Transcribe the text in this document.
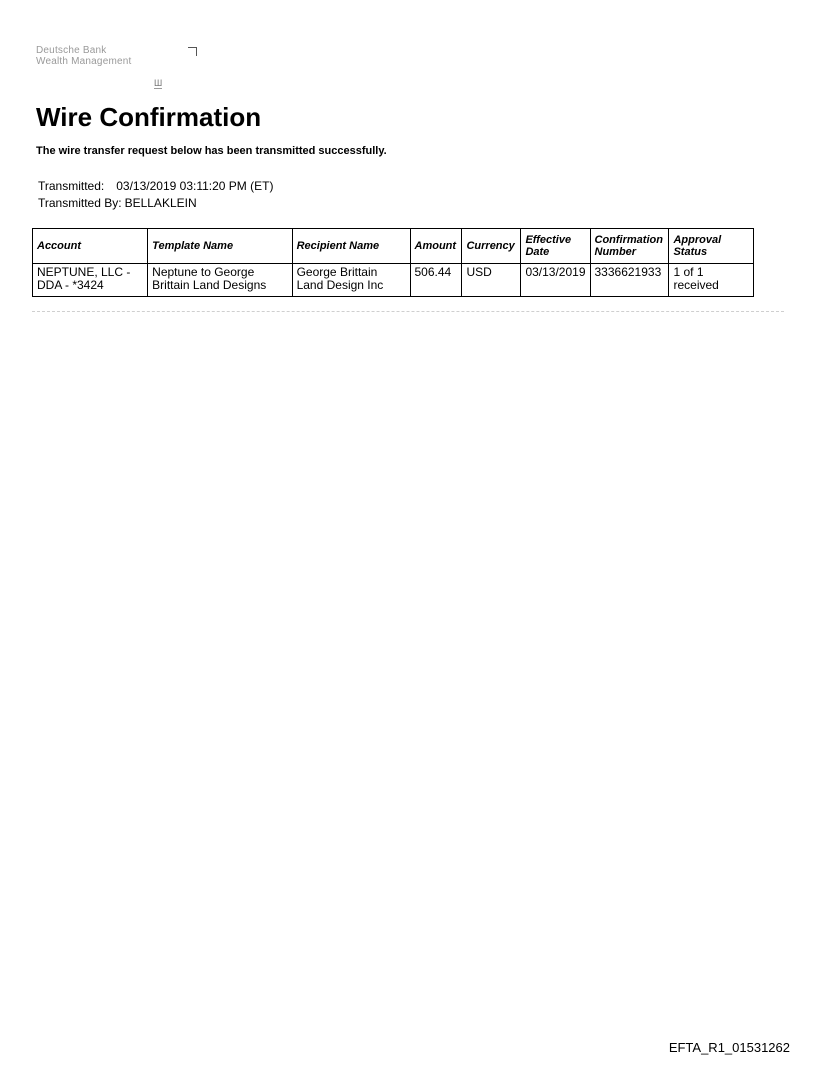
Deutsche Bank
Wealth Management
Ш
Wire Confirmation
The wire transfer request below has been transmitted successfully.
Transmitted: 03/13/2019 03:11:20 PM (ET)
Transmitted By: BELLAKLEIN
Account	Template Name	Recipient Name	Amount	Currency	Effective Date	Confirmation Number	Approval Status
NEPTUNE, LLC - DDA - *3424	Neptune to George Brittain Land Designs	George Brittain Land Design Inc	506.44	USD	03/13/2019	3336621933	1 of 1 received
EFTA_R1_01531262
